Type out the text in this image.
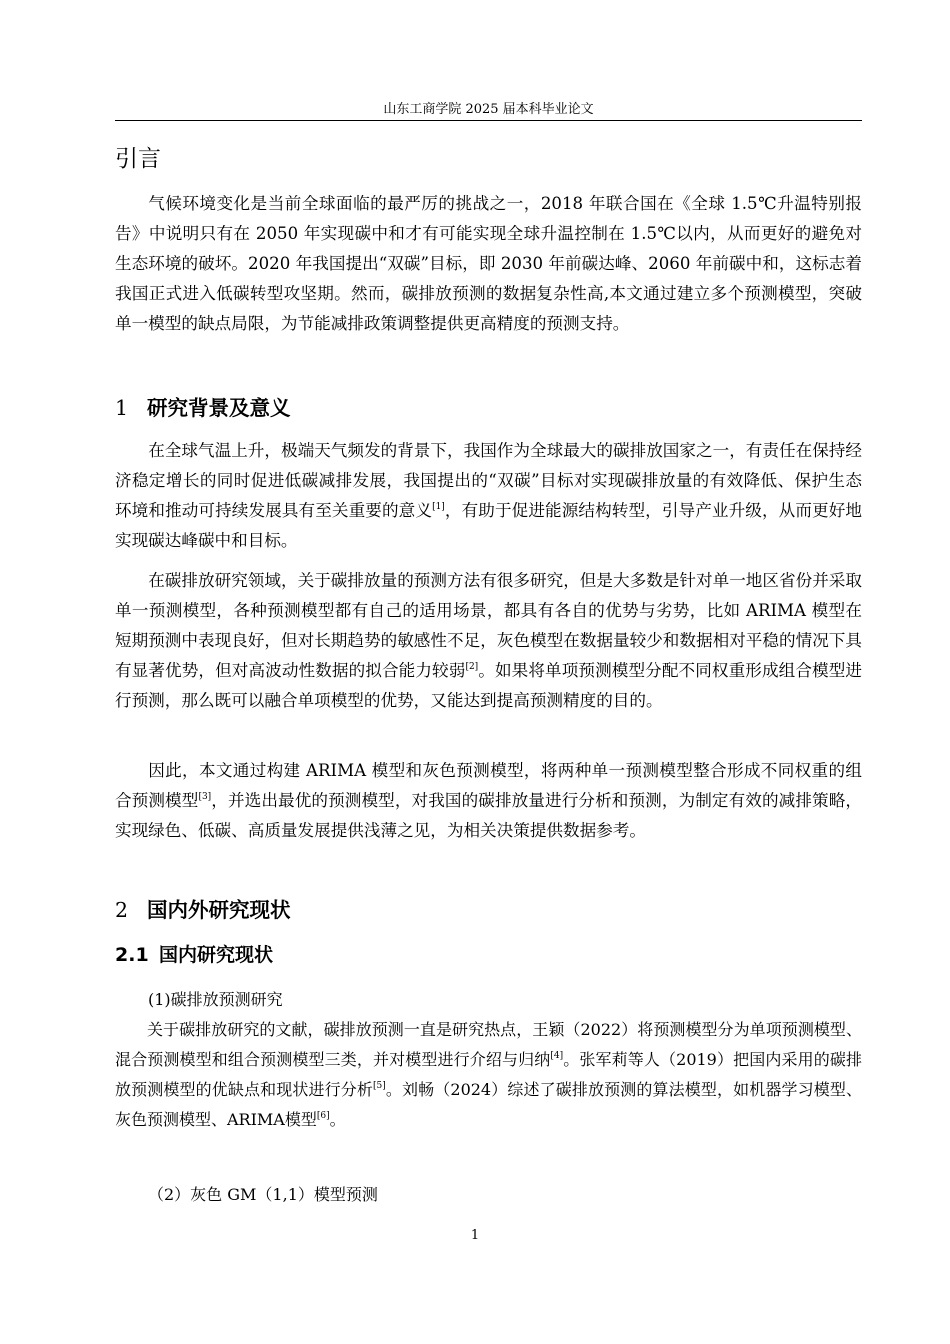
山东工商学院 2025 届本科毕业论文
引言

气候环境变化是当前全球面临的最严厉的挑战之一，2018 年联合国在《全球 1.5℃升温特别报告》中说明只有在 2050 年实现碳中和才有可能实现全球升温控制在 1.5℃以内，从而更好的避免对生态环境的破坏。2020 年我国提出“双碳”目标，即 2030 年前碳达峰、2060 年前碳中和，这标志着我国正式进入低碳转型攻坚期。然而，碳排放预测的数据复杂性高,本文通过建立多个预测模型，突破单一模型的缺点局限，为节能减排政策调整提供更高精度的预测支持。

1 研究背景及意义

在全球气温上升，极端天气频发的背景下，我国作为全球最大的碳排放国家之一，有责任在保持经济稳定增长的同时促进低碳减排发展，我国提出的“双碳”目标对实现碳排放量的有效降低、保护生态环境和推动可持续发展具有至关重要的意义[1]，有助于促进能源结构转型，引导产业升级，从而更好地实现碳达峰碳中和目标。

在碳排放研究领域，关于碳排放量的预测方法有很多研究，但是大多数是针对单一地区省份并采取单一预测模型，各种预测模型都有自己的适用场景，都具有各自的优势与劣势，比如 ARIMA 模型在短期预测中表现良好，但对长期趋势的敏感性不足，灰色模型在数据量较少和数据相对平稳的情况下具有显著优势，但对高波动性数据的拟合能力较弱[2]。如果将单项预测模型分配不同权重形成组合模型进行预测，那么既可以融合单项模型的优势，又能达到提高预测精度的目的。

因此，本文通过构建 ARIMA 模型和灰色预测模型，将两种单一预测模型整合形成不同权重的组合预测模型[3]，并选出最优的预测模型，对我国的碳排放量进行分析和预测，为制定有效的减排策略，实现绿色、低碳、高质量发展提供浅薄之见，为相关决策提供数据参考。

2 国内外研究现状
2.1 国内研究现状

(1)碳排放预测研究

关于碳排放研究的文献，碳排放预测一直是研究热点，王颖（2022）将预测模型分为单项预测模型、混合预测模型和组合预测模型三类，并对模型进行介绍与归纳[4]。张军莉等人（2019）把国内采用的碳排放预测模型的优缺点和现状进行分析[5]。刘畅（2024）综述了碳排放预测的算法模型，如机器学习模型、灰色预测模型、ARIMA模型[6]。

（2）灰色 GM（1,1）模型预测

1
